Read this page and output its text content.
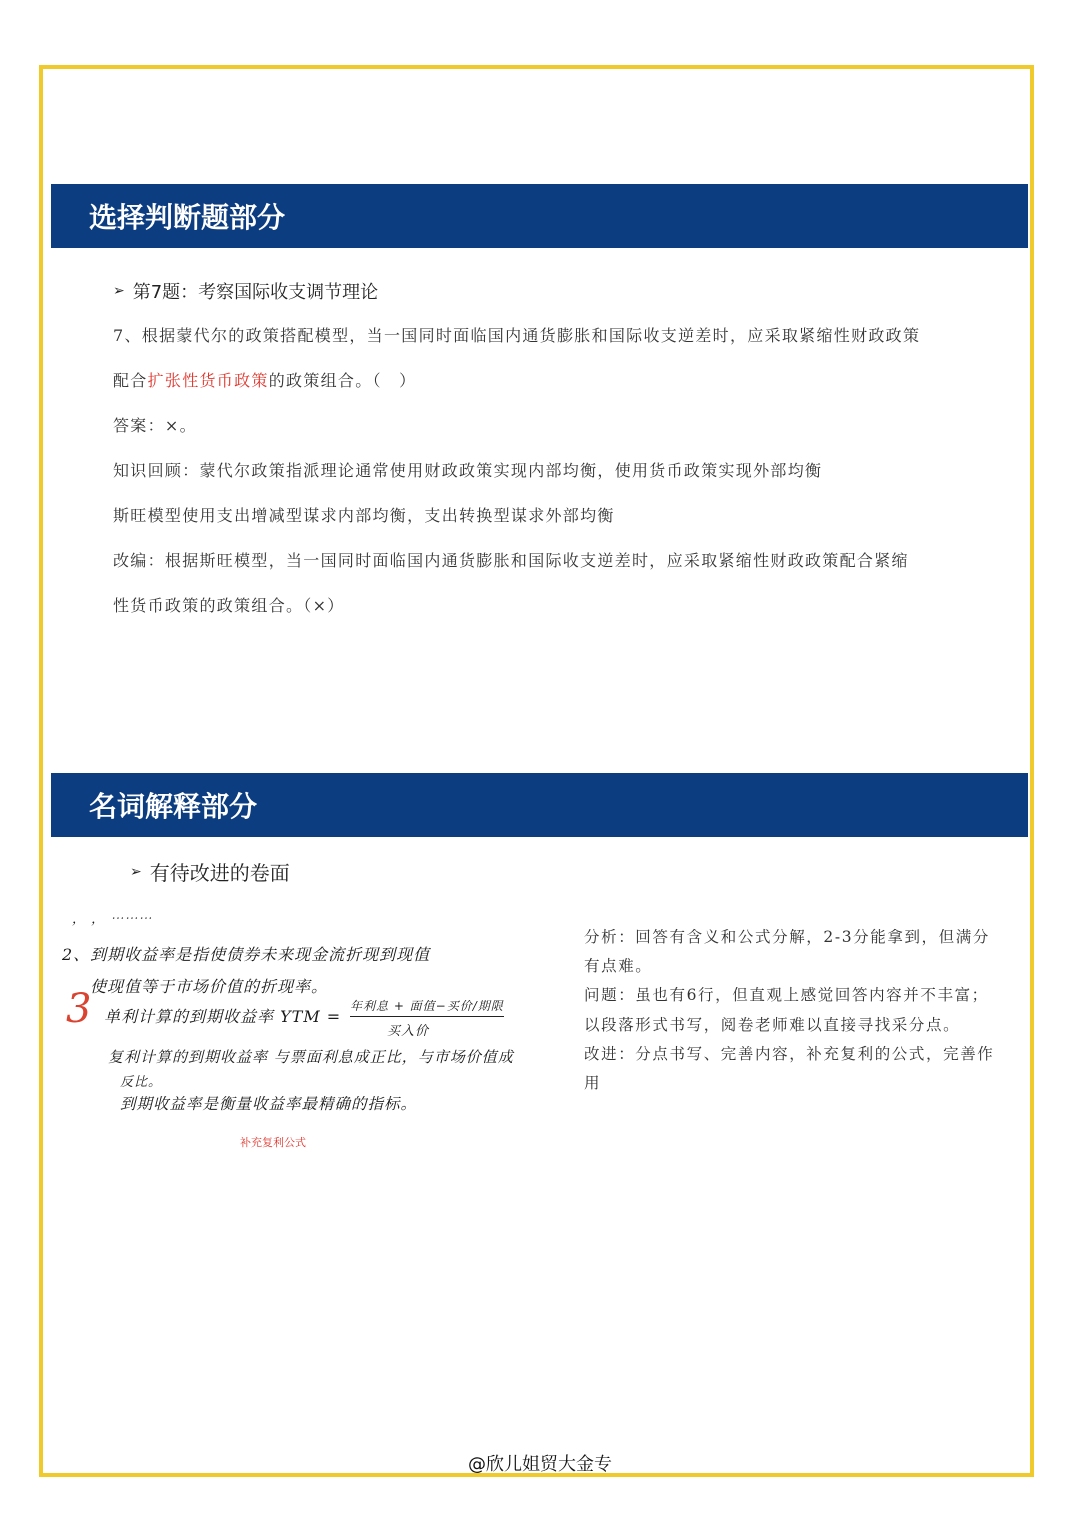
选择判断题部分
➢ 第7题：考察国际收支调节理论
7、根据蒙代尔的政策搭配模型，当一国同时面临国内通货膨胀和国际收支逆差时，应采取紧缩性财政政策
配合扩张性货币政策的政策组合。（　）
答案：×。
知识回顾：蒙代尔政策指派理论通常使用财政政策实现内部均衡，使用货币政策实现外部均衡
斯旺模型使用支出增减型谋求内部均衡，支出转换型谋求外部均衡
改编：根据斯旺模型，当一国同时面临国内通货膨胀和国际收支逆差时，应采取紧缩性财政政策配合紧缩
性货币政策的政策组合。（×）
名词解释部分
➢ 有待改进的卷面
， ， ⋯⋯⋯
2、到期收益率是指使债券未来现金流折现到现值
使现值等于市场价值的折现率。
3 单利计算的到期收益率 YTM =
年利息 + 面值−买价/期限
买入价
复利计算的到期收益率 与票面利息成正比，与市场价值成
反比。
到期收益率是衡量收益率最精确的指标。
补充复利公式
分析：回答有含义和公式分解，2-3分能拿到，但满分有点难。
问题：虽也有6行，但直观上感觉回答内容并不丰富；以段落形式书写，阅卷老师难以直接寻找采分点。
改进：分点书写、完善内容，补充复利的公式，完善作用
@欣儿姐贸大金专
